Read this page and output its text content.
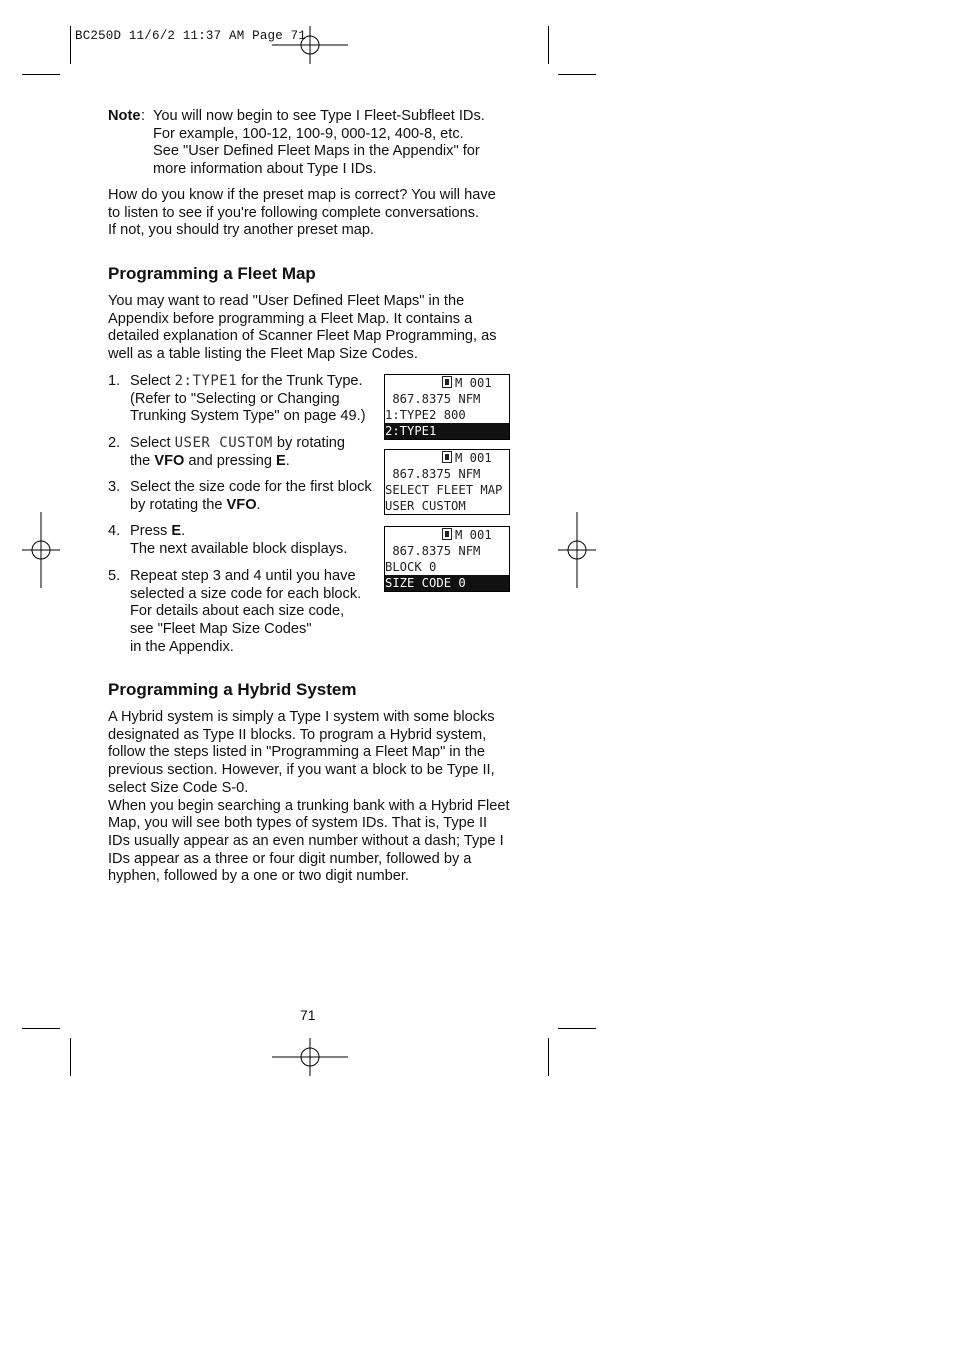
BC250D 11/6/2 11:37 AM Page 71
Note : You will now begin to see Type I Fleet-Subfleet IDs.
For example, 100-12, 100-9, 000-12, 400-8, etc.
See "User Defined Fleet Maps in the Appendix" for
more information about Type I IDs.
How do you know if the preset map is correct? You will have
to listen to see if you're following complete conversations.
If not, you should try another preset map.
Programming a Fleet Map
You may want to read "User Defined Fleet Maps" in the
Appendix before programming a Fleet Map. It contains a
detailed explanation of Scanner Fleet Map Programming, as
well as a table listing the Fleet Map Size Codes.
1. Select 2:TYPE1 for the Trunk Type.
(Refer to "Selecting or Changing
Trunking System Type" on page 49.)
2. Select USER CUSTOM by rotating
the VFO and pressing E.
3. Select the size code for the first block
by rotating the VFO.
4. Press E.
The next available block displays.
5. Repeat step 3 and 4 until you have
selected a size code for each block.
For details about each size code,
see "Fleet Map Size Codes"
in the Appendix.
M 001
867.8375 NFM
1:TYPE2 800
2:TYPE1
M 001
867.8375 NFM
SELECT FLEET MAP
USER CUSTOM
M 001
867.8375 NFM
BLOCK 0
SIZE CODE 0
Programming a Hybrid System
A Hybrid system is simply a Type I system with some blocks
designated as Type II blocks. To program a Hybrid system,
follow the steps listed in "Programming a Fleet Map" in the
previous section. However, if you want a block to be Type II,
select Size Code S-0.
When you begin searching a trunking bank with a Hybrid Fleet
Map, you will see both types of system IDs. That is, Type II
IDs usually appear as an even number without a dash; Type I
IDs appear as a three or four digit number, followed by a
hyphen, followed by a one or two digit number.
71
